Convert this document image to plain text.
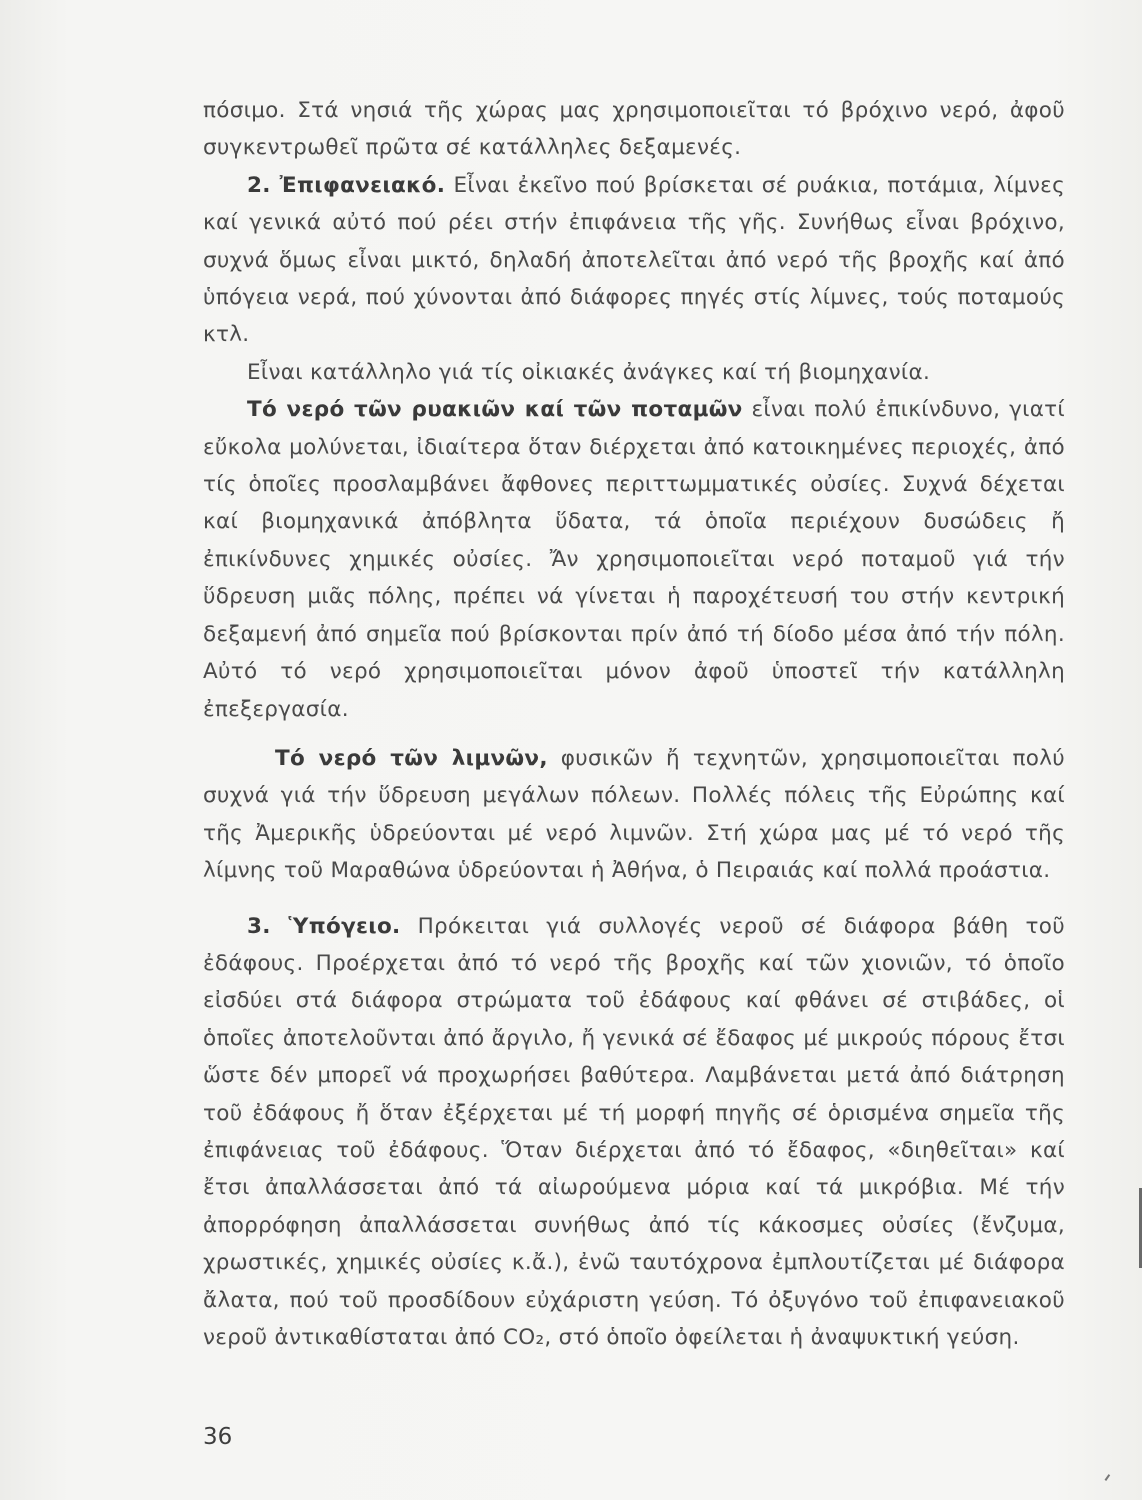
πόσιμο. Στά νησιά τῆς χώρας μας χρησιμοποιεῖται τό βρόχινο νερό, ἀφοῦ συγκεντρωθεῖ πρῶτα σέ κατάλληλες δεξαμενές.

2. Ἐπιφανειακό. Εἶναι ἐκεῖνο πού βρίσκεται σέ ρυάκια, ποτάμια, λίμνες καί γενικά αὐτό πού ρέει στήν ἐπιφάνεια τῆς γῆς. Συνήθως εἶναι βρόχινο, συχνά ὅμως εἶναι μικτό, δηλαδή ἀποτελεῖται ἀπό νερό τῆς βροχῆς καί ἀπό ὑπόγεια νερά, πού χύνονται ἀπό διάφορες πηγές στίς λίμνες, τούς ποταμούς κτλ.

Εἶναι κατάλληλο γιά τίς οἰκιακές ἀνάγκες καί τή βιομηχανία.

Τό νερό τῶν ρυακιῶν καί τῶν ποταμῶν εἶναι πολύ ἐπικίνδυνο, γιατί εὔκολα μολύνεται, ἰδιαίτερα ὅταν διέρχεται ἀπό κατοικημένες περιοχές, ἀπό τίς ὁποῖες προσλαμβάνει ἄφθονες περιττωμματικές οὐσίες. Συχνά δέχεται καί βιομηχανικά ἀπόβλητα ὕδατα, τά ὁποῖα περιέχουν δυσώδεις ἤ ἐπικίνδυνες χημικές οὐσίες. Ἄν χρησιμοποιεῖται νερό ποταμοῦ γιά τήν ὕδρευση μιᾶς πόλης, πρέπει νά γίνεται ἡ παροχέτευσή του στήν κεντρική δεξαμενή ἀπό σημεῖα πού βρίσκονται πρίν ἀπό τή δίοδο μέσα ἀπό τήν πόλη. Αὐτό τό νερό χρησιμοποιεῖται μόνον ἀφοῦ ὑποστεῖ τήν κατάλληλη ἐπεξεργασία.

Τό νερό τῶν λιμνῶν, φυσικῶν ἤ τεχνητῶν, χρησιμοποιεῖται πολύ συχνά γιά τήν ὕδρευση μεγάλων πόλεων. Πολλές πόλεις τῆς Εὐρώπης καί τῆς Ἀμερικῆς ὑδρεύονται μέ νερό λιμνῶν. Στή χώρα μας μέ τό νερό τῆς λίμνης τοῦ Μαραθώνα ὑδρεύονται ἡ Ἀθήνα, ὁ Πειραιάς καί πολλά προάστια.

3. Ὑπόγειο. Πρόκειται γιά συλλογές νεροῦ σέ διάφορα βάθη τοῦ ἐδάφους. Προέρχεται ἀπό τό νερό τῆς βροχῆς καί τῶν χιονιῶν, τό ὁποῖο εἰσδύει στά διάφορα στρώματα τοῦ ἐδάφους καί φθάνει σέ στιβάδες, οἱ ὁποῖες ἀποτελοῦνται ἀπό ἄργιλο, ἤ γενικά σέ ἔδαφος μέ μικρούς πόρους ἔτσι ὥστε δέν μπορεῖ νά προχωρήσει βαθύτερα. Λαμβάνεται μετά ἀπό διάτρηση τοῦ ἐδάφους ἤ ὅταν ἐξέρχεται μέ τή μορφή πηγῆς σέ ὁρισμένα σημεῖα τῆς ἐπιφάνειας τοῦ ἐδάφους. Ὅταν διέρχεται ἀπό τό ἔδαφος, «διηθεῖται» καί ἔτσι ἀπαλλάσσεται ἀπό τά αἰωρούμενα μόρια καί τά μικρόβια. Μέ τήν ἀπορρόφηση ἀπαλλάσσεται συνήθως ἀπό τίς κάκοσμες οὐσίες (ἔνζυμα, χρωστικές, χημικές οὐσίες κ.ἄ.), ἐνῶ ταυτόχρονα ἐμπλουτίζεται μέ διάφορα ἄλατα, πού τοῦ προσδίδουν εὐχάριστη γεύση. Τό ὀξυγόνο τοῦ ἐπιφανειακοῦ νεροῦ ἀντικαθίσταται ἀπό CO₂, στό ὁποῖο ὀφείλεται ἡ ἀναψυκτική γεύση.

36
